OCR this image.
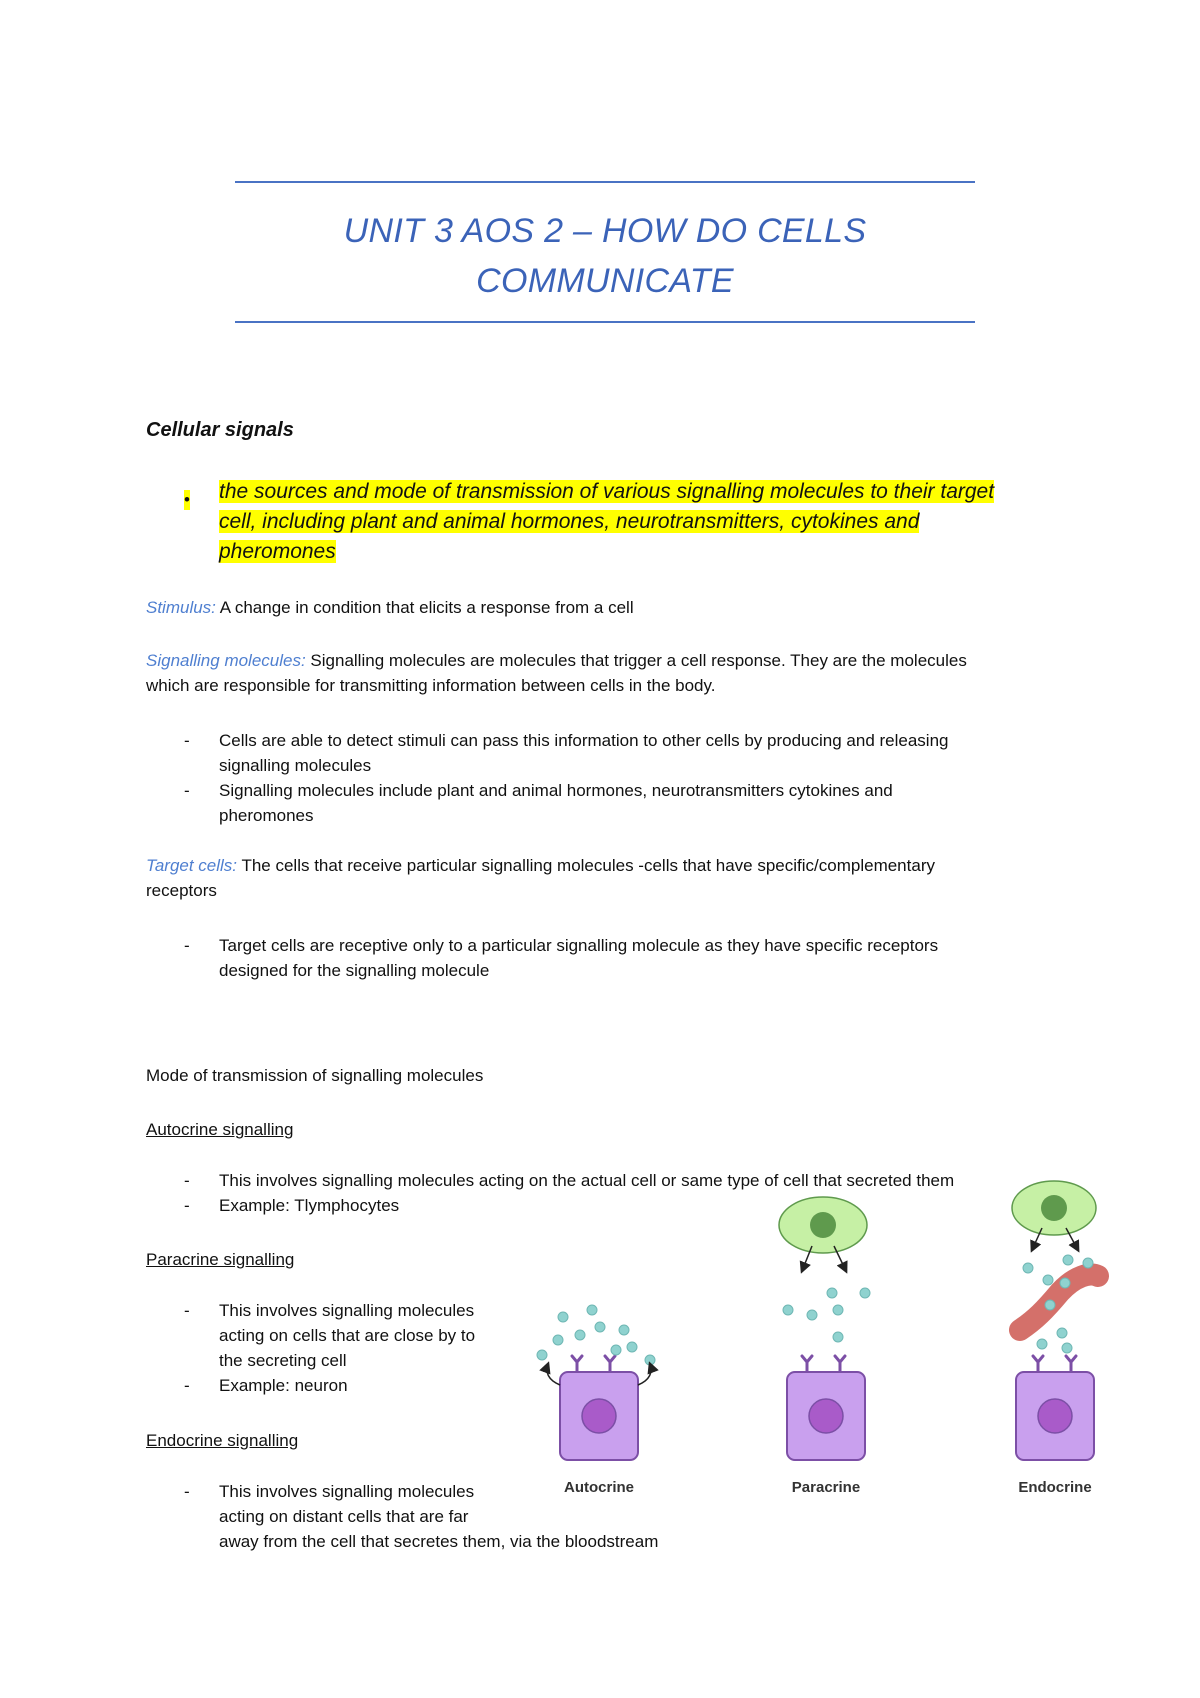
UNIT 3 AOS 2 – HOW DO CELLS
COMMUNICATE
Cellular signals
• the sources and mode of transmission of various signalling molecules to their target
cell, including plant and animal hormones, neurotransmitters, cytokines and
pheromones
Stimulus: A change in condition that elicits a response from a cell
Signalling molecules: Signalling molecules are molecules that trigger a cell response. They are the molecules
which are responsible for transmitting information between cells in the body.
- Cells are able to detect stimuli can pass this information to other cells by producing and releasing
signalling molecules
- Signalling molecules include plant and animal hormones, neurotransmitters cytokines and
pheromones
Target cells: The cells that receive particular signalling molecules -cells that have specific/complementary
receptors
- Target cells are receptive only to a particular signalling molecule as they have specific receptors
designed for the signalling molecule
Mode of transmission of signalling molecules
Autocrine signalling
- This involves signalling molecules acting on the actual cell or same type of cell that secreted them
- Example: Tlymphocytes
Paracrine signalling
- This involves signalling molecules
acting on cells that are close by to
the secreting cell
- Example: neuron
Endocrine signalling
- This involves signalling molecules
acting on distant cells that are far
away from the cell that secretes them, via the bloodstream
Autocrine	Paracrine	Endocrine
